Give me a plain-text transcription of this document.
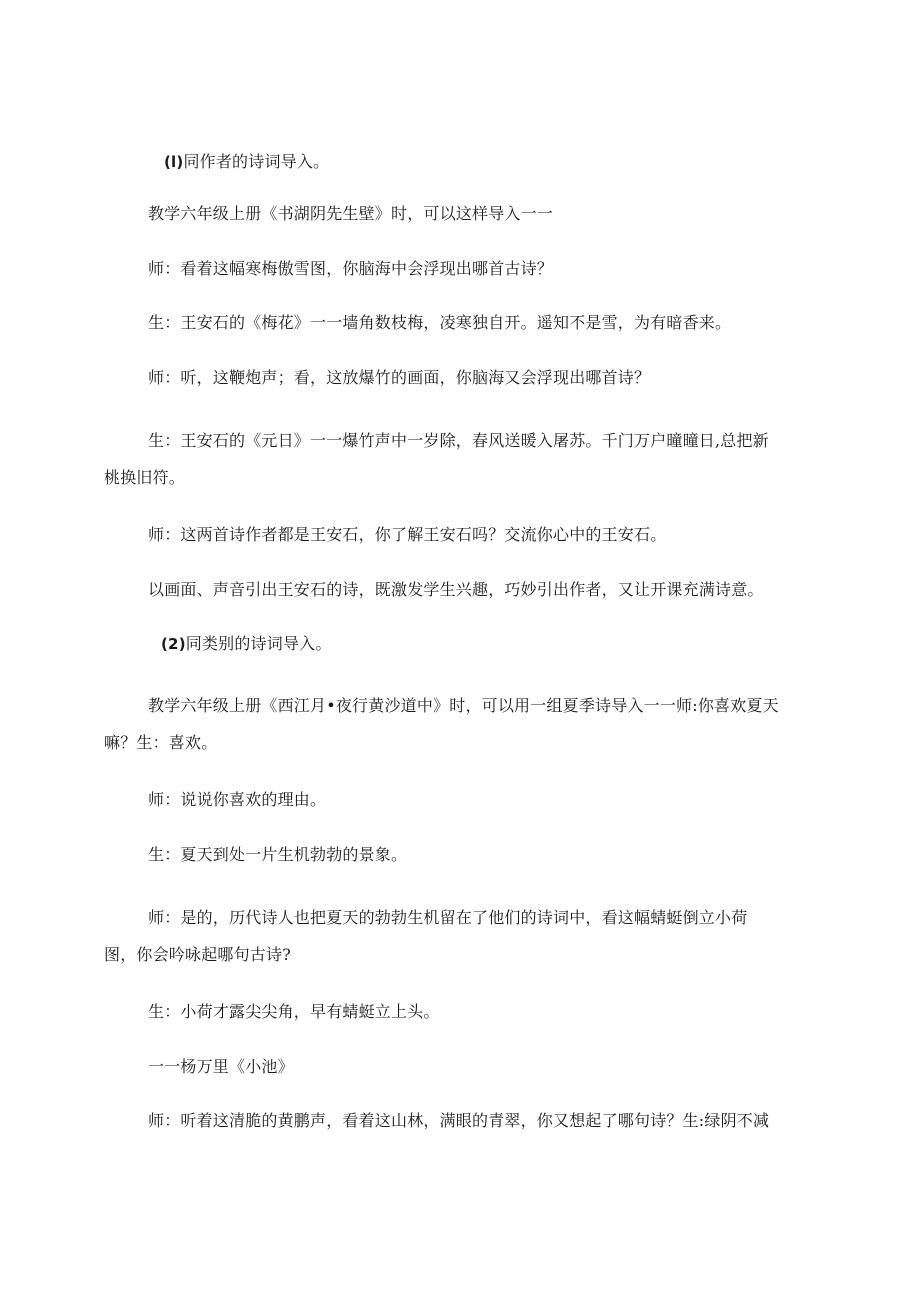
(l)同作者的诗词导入。

教学六年级上册《书湖阴先生壁》时，可以这样导入一一

师：看着这幅寒梅傲雪图，你脑海中会浮现出哪首古诗？

生：王安石的《梅花》一一墙角数枝梅，凌寒独自开。遥知不是雪，为有暗香来。

师：听，这鞭炮声；看，这放爆竹的画面，你脑海又会浮现出哪首诗？

生：王安石的《元日》一一爆竹声中一岁除，春风送暖入屠苏。千门万户曈曈日,总把新
桃换旧符。

师：这两首诗作者都是王安石，你了解王安石吗？交流你心中的王安石。

以画面、声音引出王安石的诗，既激发学生兴趣，巧妙引出作者，又让开课充满诗意。

(2)同类别的诗词导入。

教学六年级上册《西江月•夜行黄沙道中》时，可以用一组夏季诗导入一一师:你喜欢夏天
嘛？生：喜欢。

师：说说你喜欢的理由。

生：夏天到处一片生机勃勃的景象。

师：是的，历代诗人也把夏天的勃勃生机留在了他们的诗词中，看这幅蜻蜓倒立小荷
图，你会吟咏起哪句古诗?

生：小荷才露尖尖角，早有蜻蜓立上头。

一一杨万里《小池》

师：听着这清脆的黄鹏声，看着这山林，满眼的青翠，你又想起了哪句诗？生:绿阴不减
